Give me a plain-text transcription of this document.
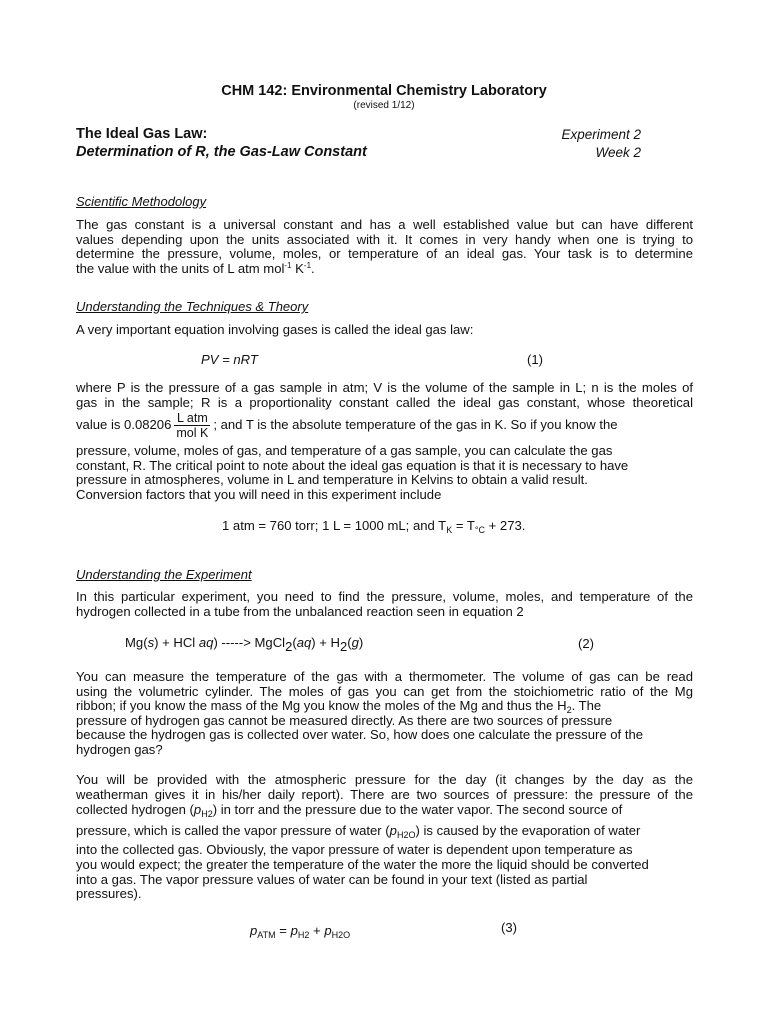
CHM 142: Environmental Chemistry Laboratory
(revised 1/12)
The Ideal Gas Law:	Experiment 2
Determination of R, the Gas-Law Constant	Week 2
Scientific Methodology
The gas constant is a universal constant and has a well established value but can have different
values depending upon the units associated with it. It comes in very handy when one is trying to
determine the pressure, volume, moles, or temperature of an ideal gas. Your task is to determine
the value with the units of L atm mol$^{-1}$ $K^{-1}$.
Understanding the Techniques & Theory
A very important equation involving gases is called the ideal gas law:
PV = nRT	(1)
where P is the pressure of a gas sample in atm; V is the volume of the sample in L; n is the moles of
gas in the sample; R is a proportionality constant called the ideal gas constant, whose theoretical
value is $0.08206 \frac{\text{L atm}}{\text{mol K}}$ ; and T is the absolute temperature of the gas in K. So if you know the
pressure, volume, moles of gas, and temperature of a gas sample, you can calculate the gas
constant, R. The critical point to note about the ideal gas equation is that it is necessary to have
pressure in atmospheres, volume in L and temperature in Kelvins to obtain a valid result.
Conversion factors that you will need in this experiment include
1 atm = 760 torr; 1 L = 1000 mL; and $T_K = T_{^\circ C} + 273$.
Understanding the Experiment
In this particular experiment, you need to find the pressure, volume, moles, and temperature of the
hydrogen collected in a tube from the unbalanced reaction seen in equation 2
Mg(s) + HCl aq) -----> MgCl$_2$(aq) + $H_2(g)$	(2)
You can measure the temperature of the gas with a thermometer. The volume of gas can be read
using the volumetric cylinder. The moles of gas you can get from the stoichiometric ratio of the Mg
ribbon; if you know the mass of the Mg you know the moles of the Mg and thus the $H_2$. The
pressure of hydrogen gas cannot be measured directly. As there are two sources of pressure
because the hydrogen gas is collected over water. So, how does one calculate the pressure of the
hydrogen gas?
You will be provided with the atmospheric pressure for the day (it changes by the day as the
weatherman gives it in his/her daily report). There are two sources of pressure: the pressure of the
collected hydrogen $(p_{H2})$ in torr and the pressure due to the water vapor. The second source of
pressure, which is called the vapor pressure of water $(p_{H2O})$ is caused by the evaporation of water
into the collected gas. Obviously, the vapor pressure of water is dependent upon temperature as
you would expect; the greater the temperature of the water the more the liquid should be converted
into a gas. The vapor pressure values of water can be found in your text (listed as partial
pressures).
$p_{ATM} = p_{H2} + p_{H2O}$	(3)
